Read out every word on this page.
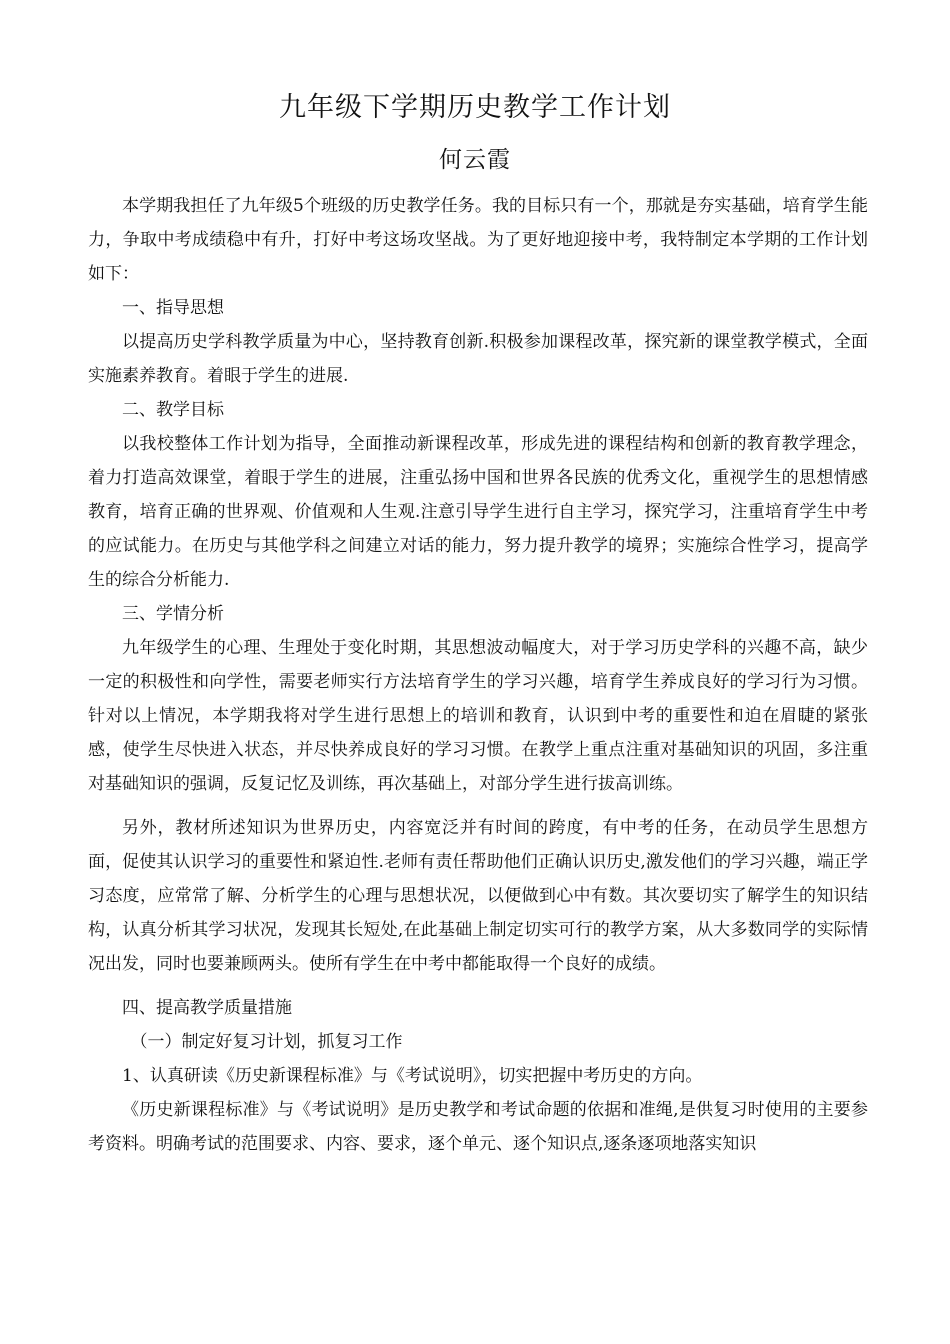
九年级下学期历史教学工作计划
何云霞

本学期我担任了九年级5个班级的历史教学任务。我的目标只有一个，那就是夯实基础，培育学生能力，争取中考成绩稳中有升，打好中考这场攻坚战。为了更好地迎接中考，我特制定本学期的工作计划如下：

一、指导思想

以提高历史学科教学质量为中心，坚持教育创新.积极参加课程改革，探究新的课堂教学模式，全面实施素养教育。着眼于学生的进展.

二、教学目标

以我校整体工作计划为指导，全面推动新课程改革，形成先进的课程结构和创新的教育教学理念，着力打造高效课堂，着眼于学生的进展，注重弘扬中国和世界各民族的优秀文化，重视学生的思想情感教育，培育正确的世界观、价值观和人生观.注意引导学生进行自主学习，探究学习，注重培育学生中考的应试能力。在历史与其他学科之间建立对话的能力，努力提升教学的境界；实施综合性学习，提高学生的综合分析能力.

三、学情分析

九年级学生的心理、生理处于变化时期，其思想波动幅度大，对于学习历史学科的兴趣不高，缺少一定的积极性和向学性，需要老师实行方法培育学生的学习兴趣，培育学生养成良好的学习行为习惯。针对以上情况，本学期我将对学生进行思想上的培训和教育，认识到中考的重要性和迫在眉睫的紧张感，使学生尽快进入状态，并尽快养成良好的学习习惯。在教学上重点注重对基础知识的巩固，多注重对基础知识的强调，反复记忆及训练，再次基础上，对部分学生进行拔高训练。

另外，教材所述知识为世界历史，内容宽泛并有时间的跨度，有中考的任务，在动员学生思想方面，促使其认识学习的重要性和紧迫性.老师有责任帮助他们正确认识历史,激发他们的学习兴趣，端正学习态度，应常常了解、分析学生的心理与思想状况，以便做到心中有数。其次要切实了解学生的知识结构，认真分析其学习状况，发现其长短处,在此基础上制定切实可行的教学方案，从大多数同学的实际情况出发，同时也要兼顾两头。使所有学生在中考中都能取得一个良好的成绩。

四、提高教学质量措施

（一）制定好复习计划，抓复习工作

1、认真研读《历史新课程标准》与《考试说明》，切实把握中考历史的方向。

《历史新课程标准》与《考试说明》是历史教学和考试命题的依据和准绳,是供复习时使用的主要参考资料。明确考试的范围要求、内容、要求，逐个单元、逐个知识点,逐条逐项地落实知识
